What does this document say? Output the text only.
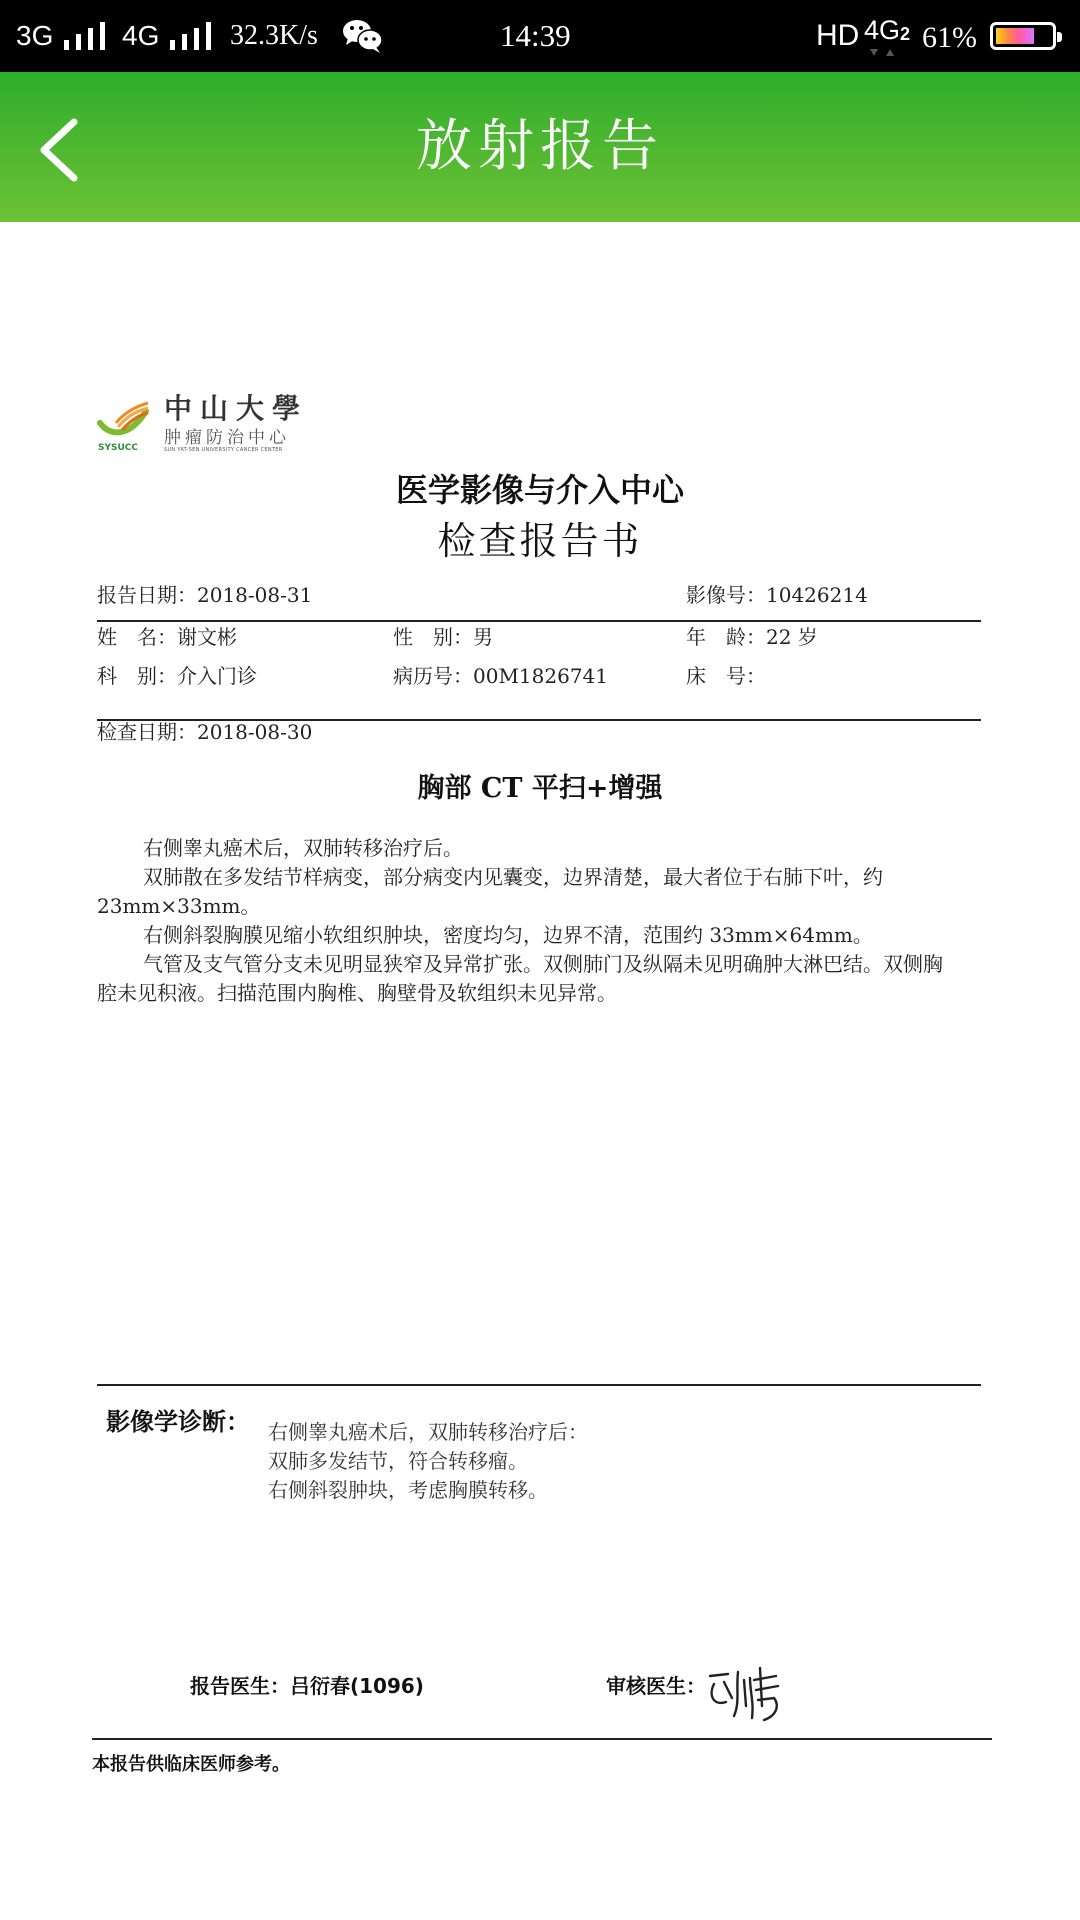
3G 4G	32.3K/s	14:39	HD 4G 2 61%
放射报告
SYSUCC
中山大學
肿瘤防治中心
SUN YAT-SEN UNIVERSITY CANCER CENTER
医学影像与介入中心
检查报告书
报告日期：2018-08-31	影像号：10426214
姓　名：谢文彬	性　别：男	年　龄：22 岁
科　别：介入门诊	病历号：00M1826741	床　号：
检查日期：2018-08-30
胸部 CT 平扫+增强

右侧睾丸癌术后，双肺转移治疗后。

双肺散在多发结节样病变，部分病变内见囊变，边界清楚，最大者位于右肺下叶，约23mm×33mm。

右侧斜裂胸膜见缩小软组织肿块，密度均匀，边界不清，范围约 33mm×64mm。

气管及支气管分支未见明显狭窄及异常扩张。双侧肺门及纵隔未见明确肿大淋巴结。双侧胸腔未见积液。扫描范围内胸椎、胸壁骨及软组织未见异常。

影像学诊断： 右侧睾丸癌术后，双肺转移治疗后：
双肺多发结节，符合转移瘤。
右侧斜裂肿块，考虑胸膜转移。
报告医生：吕衍春(1096)	审核医生：
本报告供临床医师参考。
